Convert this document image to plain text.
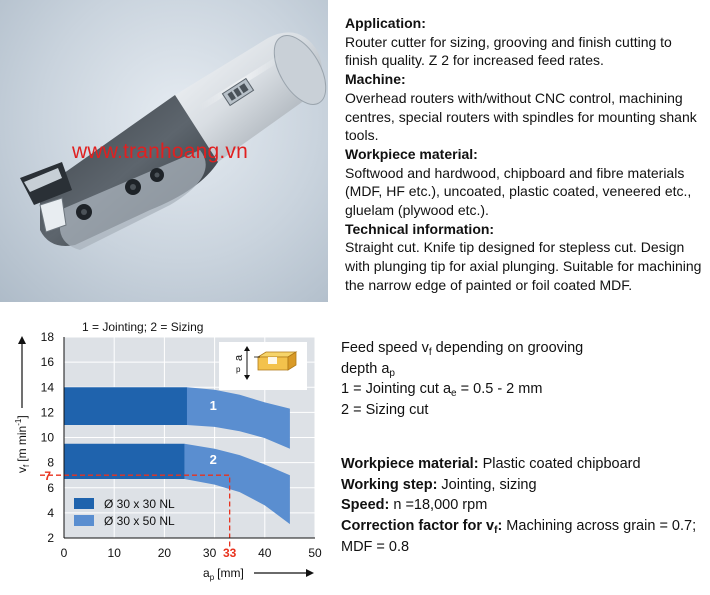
www.tranhoang.vn
Application:
Router cutter for sizing, grooving and finish cutting to finish quality. Z 2 for increased feed rates.
Machine:
Overhead routers with/without CNC control, machining centres, special routers with spindles for mounting shank tools.
Workpiece material:
Softwood and hardwood, chipboard and fibre materials (MDF, HF etc.), uncoated, plastic coated, veneered etc., gluelam (plywood etc.).
Technical information:
Straight cut. Knife tip designed for stepless cut. Design with plunging tip for axial plunging. Suitable for machining the narrow edge of painted or foil coated MDF.
2
4
6
8
10
12
14
16
18
0	10	20	30	40	50
7
33
1 = Jointing; 2 = Sizing
1
2
Ø 30 x 30 NL
Ø 30 x 50 NL
a
p
$v_f[m$ $\min^{-1}$]
$a_p$ [mm]
Feed speed $v_f$ depending on grooving
depth $a_p$
1 = Jointing cut $a_e = 0.5 - 2$ mm
2 = Sizing cut
Workpiece material: Plastic coated chipboard
Working step: Jointing, sizing
Speed: n =18,000 rpm
Correction factor for $v_f$: Machining across grain = 0.7; MDF = 0.8
